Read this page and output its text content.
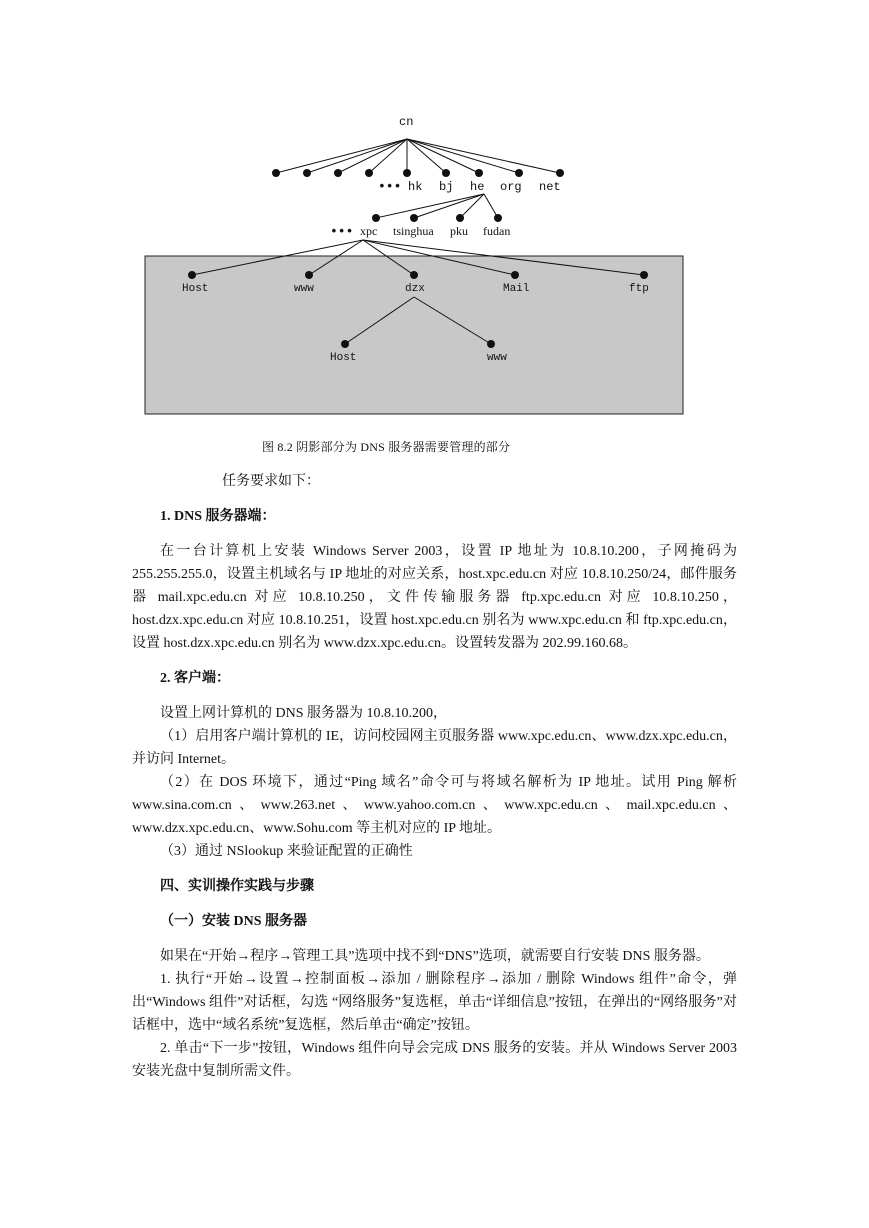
cn
••• hk bj he org net
••• xpc tsinghua pku fudan
Host	www	dzx	Mail	ftp
Host	www
图 8.2 阴影部分为 DNS 服务器需要管理的部分

任务要求如下：

1. DNS 服务器端：

在一台计算机上安装 Windows Server 2003，设置 IP 地址为 10.8.10.200，子网掩码为 255.255.255.0，设置主机域名与 IP 地址的对应关系，host.xpc.edu.cn 对应 10.8.10.250/24，邮件服务器 mail.xpc.edu.cn 对应 10.8.10.250，文件传输服务器 ftp.xpc.edu.cn 对应 10.8.10.250，host.dzx.xpc.edu.cn 对应 10.8.10.251，设置 host.xpc.edu.cn 别名为 www.xpc.edu.cn 和 ftp.xpc.edu.cn，设置 host.dzx.xpc.edu.cn 别名为 www.dzx.xpc.edu.cn。设置转发器为 202.99.160.68。

2. 客户端：

设置上网计算机的 DNS 服务器为 10.8.10.200，

（1）启用客户端计算机的 IE，访问校园网主页服务器 www.xpc.edu.cn、www.dzx.xpc.edu.cn，并访问 Internet。

（2）在 DOS 环境下，通过“Ping 域名”命令可与将域名解析为 IP 地址。试用 Ping 解析 www.sina.com.cn、www.263.net、www.yahoo.com.cn、www.xpc.edu.cn、mail.xpc.edu.cn、www.dzx.xpc.edu.cn、www.Sohu.com 等主机对应的 IP 地址。

（3）通过 NSlookup 来验证配置的正确性

四、实训操作实践与步骤

（一）安装 DNS 服务器

如果在“开始→程序→管理工具”选项中找不到“DNS”选项，就需要自行安装 DNS 服务器。

1. 执行“开始→设置→控制面板→添加 / 删除程序→添加 / 删除 Windows 组件”命令，弹出“Windows 组件”对话框，勾选 “网络服务”复选框，单击“详细信息”按钮，在弹出的“网络服务”对话框中，选中“域名系统”复选框，然后单击“确定”按钮。

2. 单击“下一步”按钮，Windows 组件向导会完成 DNS 服务的安装。并从 Windows Server 2003 安装光盘中复制所需文件。
